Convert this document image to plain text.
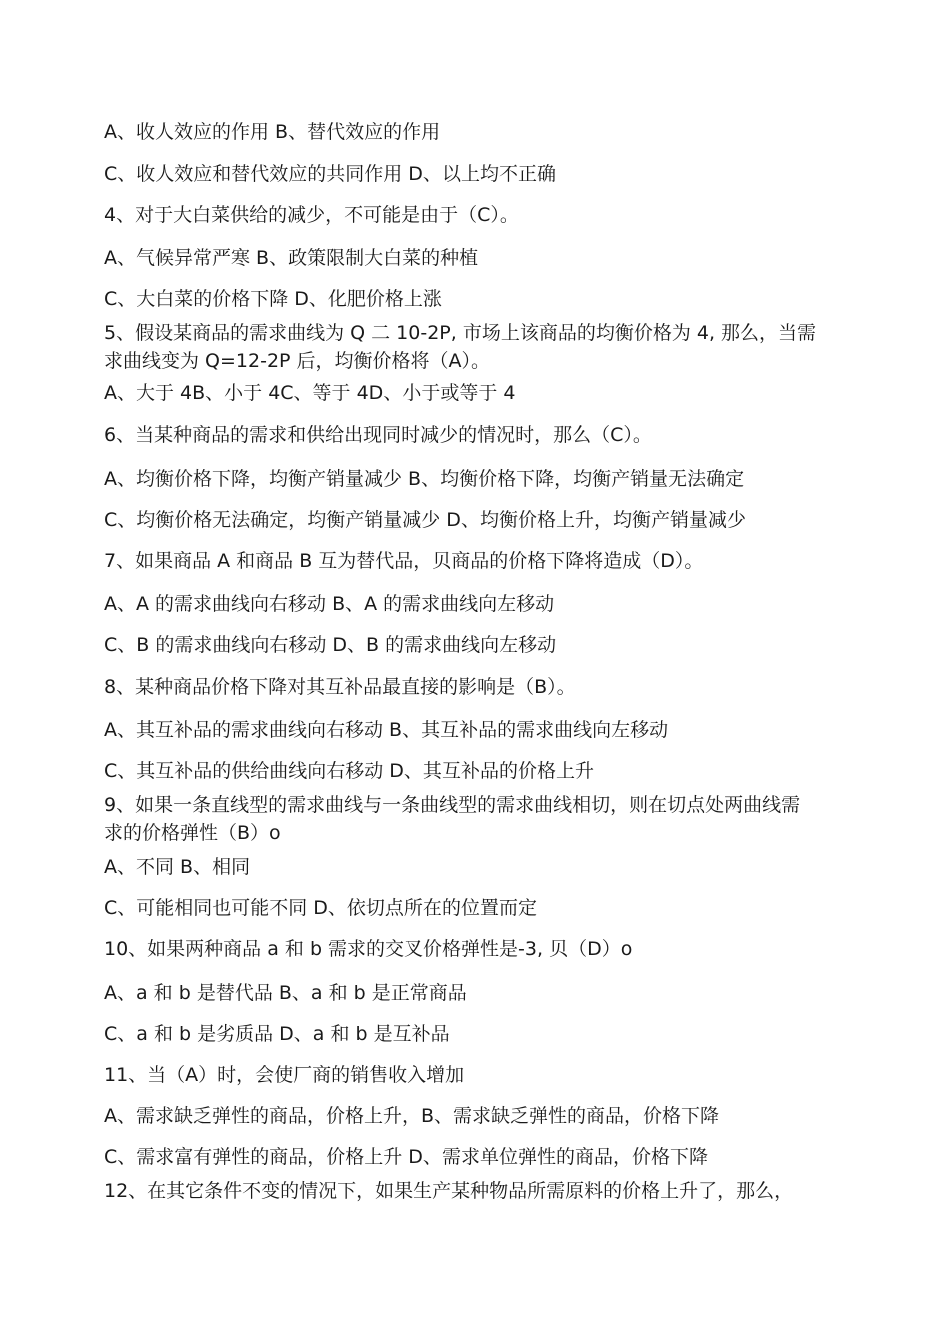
A、收人效应的作用 B、替代效应的作用
C、收人效应和替代效应的共同作用 D、以上均不正确
4、对于大白菜供给的减少，不可能是由于（C）。
A、气候异常严寒 B、政策限制大白菜的种植
C、大白菜的价格下降 D、化肥价格上涨
5、假设某商品的需求曲线为 Q 二 10-2P, 市场上该商品的均衡价格为 4, 那么，当需
求曲线变为 Q=12-2P 后，均衡价格将（A）。
A、大于 4B、小于 4C、等于 4D、小于或等于 4
6、当某种商品的需求和供给出现同时减少的情况时，那么（C）。
A、均衡价格下降，均衡产销量减少 B、均衡价格下降，均衡产销量无法确定
C、均衡价格无法确定，均衡产销量减少 D、均衡价格上升，均衡产销量减少
7、如果商品 A 和商品 B 互为替代品，贝商品的价格下降将造成（D）。
A、A 的需求曲线向右移动 B、A 的需求曲线向左移动
C、B 的需求曲线向右移动 D、B 的需求曲线向左移动
8、某种商品价格下降对其互补品最直接的影响是（B）。
A、其互补品的需求曲线向右移动 B、其互补品的需求曲线向左移动
C、其互补品的供给曲线向右移动 D、其互补品的价格上升
9、如果一条直线型的需求曲线与一条曲线型的需求曲线相切，则在切点处两曲线需
求的价格弹性（B）o
A、不同 B、相同
C、可能相同也可能不同 D、依切点所在的位置而定
10、如果两种商品 a 和 b 需求的交叉价格弹性是-3, 贝（D）o
A、a 和 b 是替代品 B、a 和 b 是正常商品
C、a 和 b 是劣质品 D、a 和 b 是互补品
11、当（A）时，会使厂商的销售收入增加
A、需求缺乏弹性的商品，价格上升，B、需求缺乏弹性的商品，价格下降
C、需求富有弹性的商品，价格上升 D、需求单位弹性的商品，价格下降
12、在其它条件不变的情况下，如果生产某种物品所需原料的价格上升了，那么，
